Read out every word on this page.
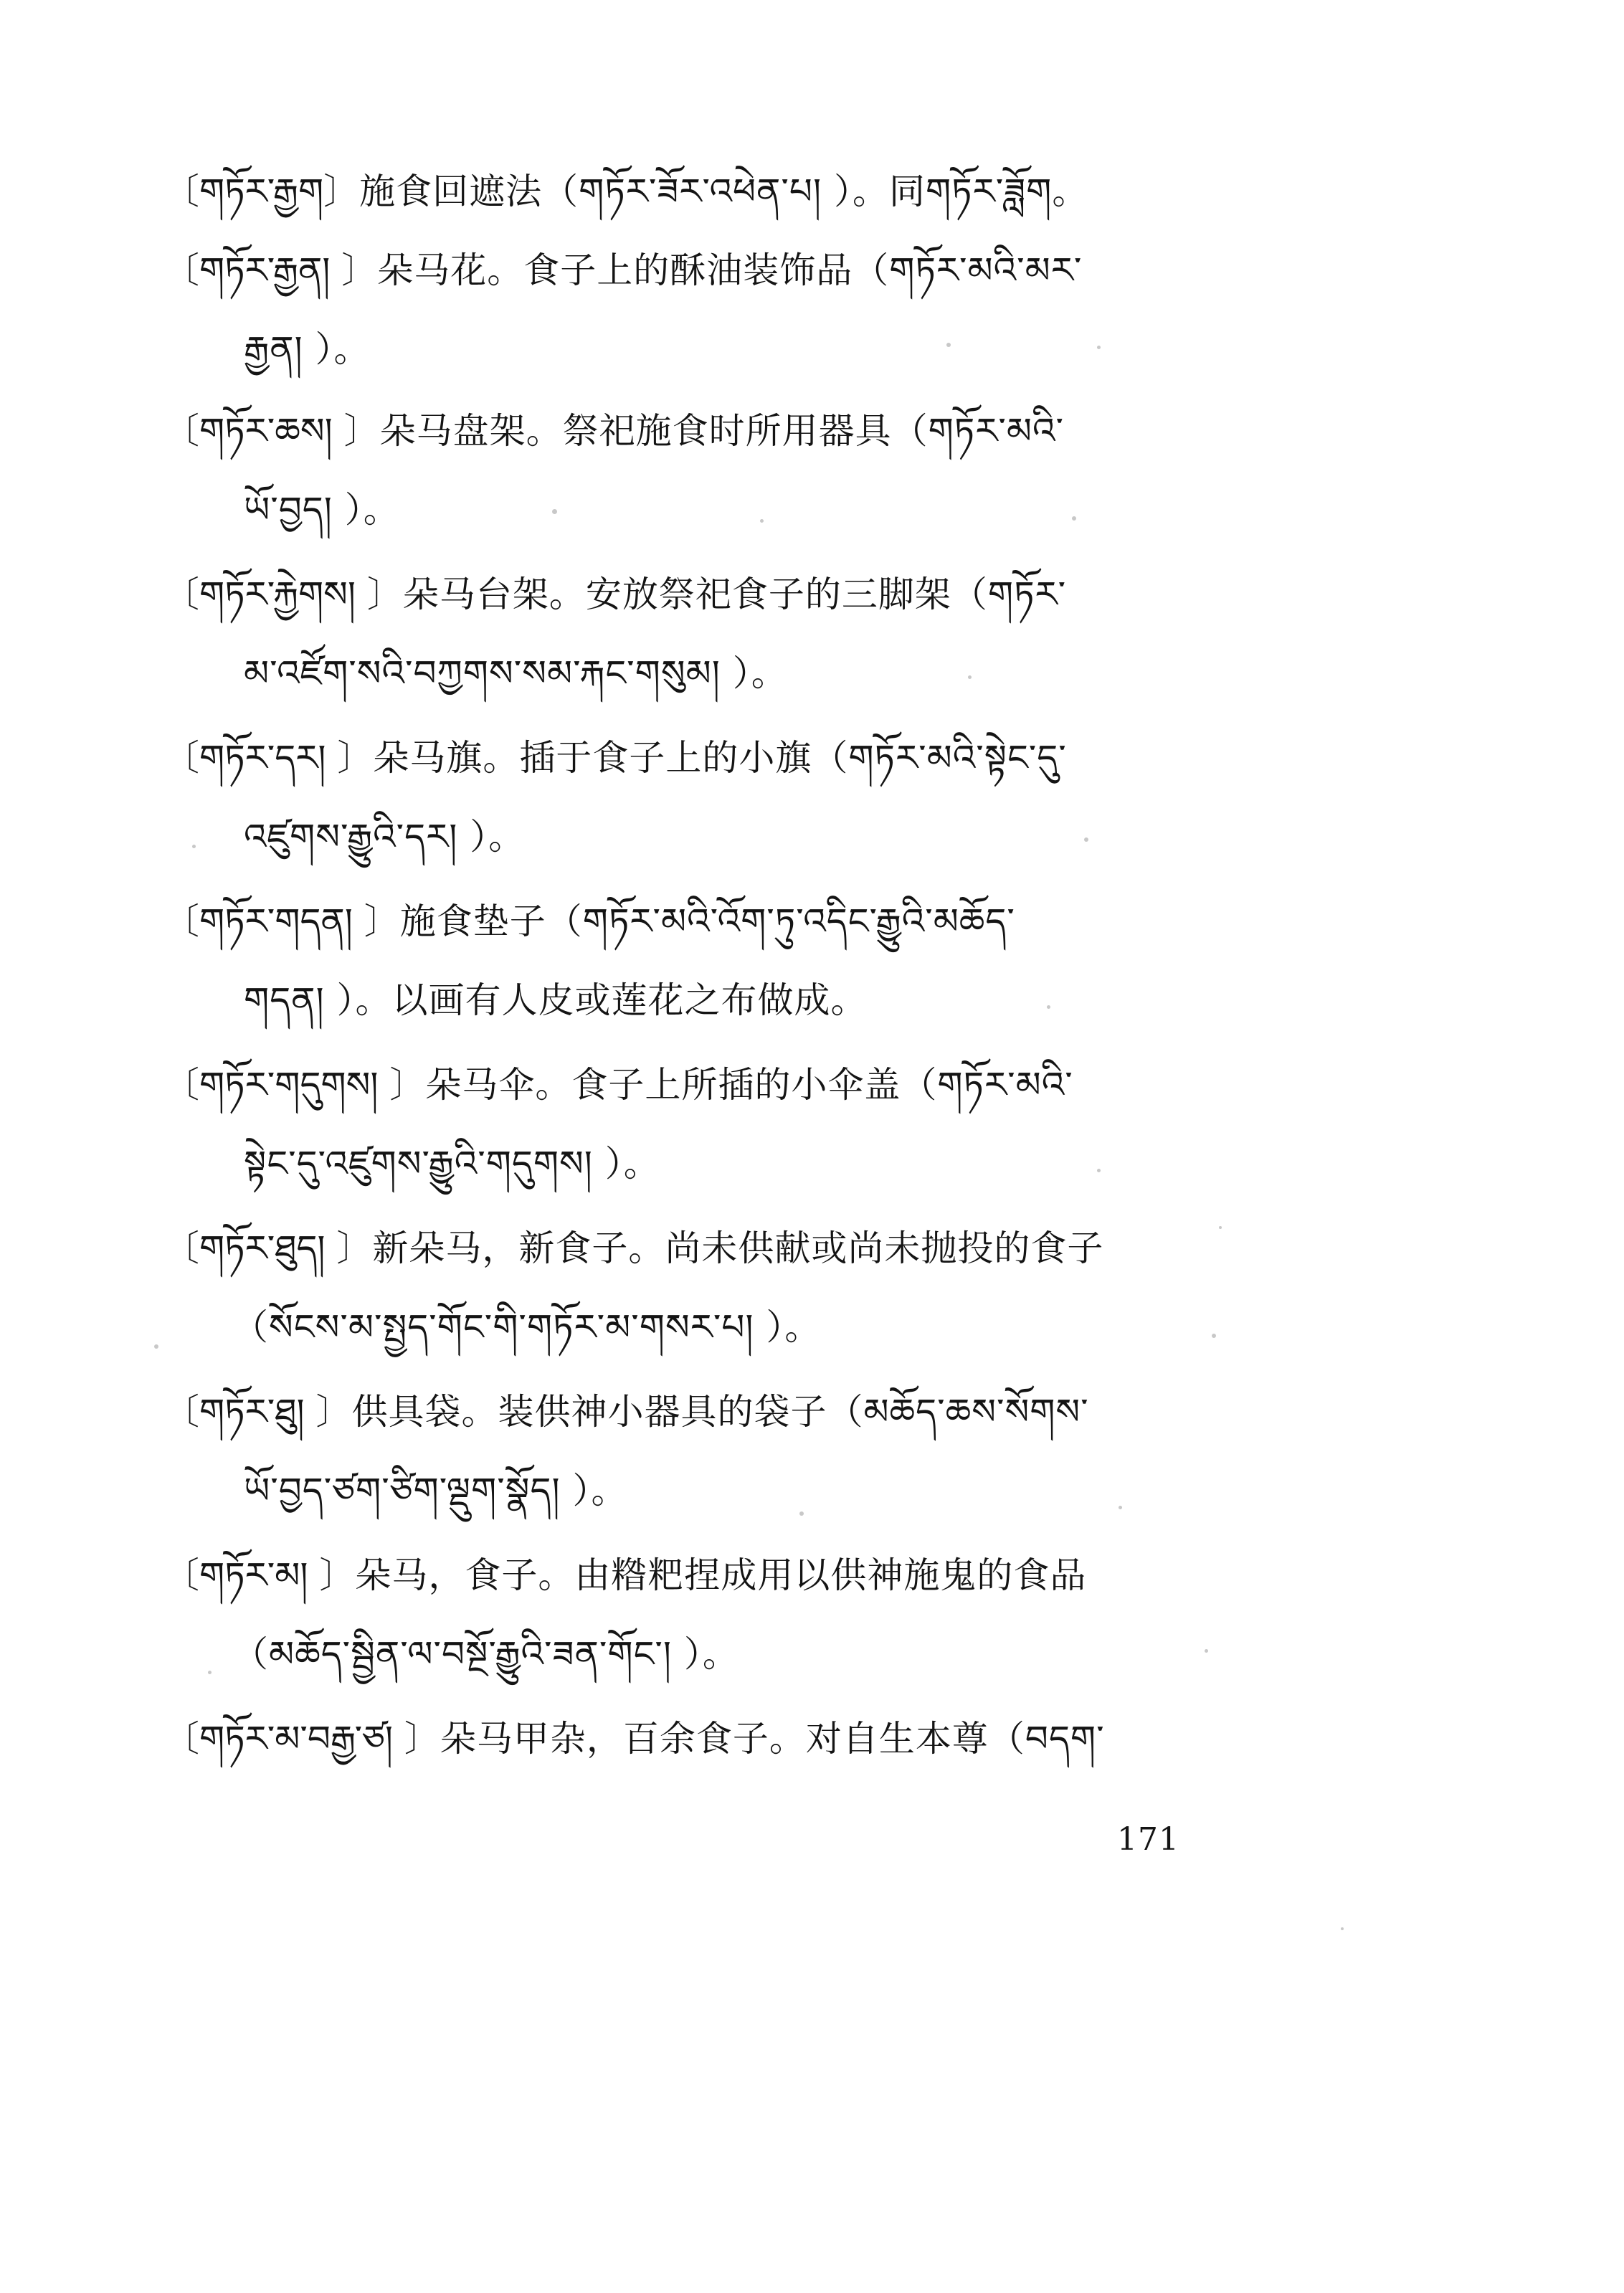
〔གཏོར་རྒྱག〕施食回遮法（གཏོར་ཟོར་འཕེན་པ། ）。同གཏོར་ཟློག。
〔གཏོར་རྒྱན། 〕朵马花。食子上的酥油装饰品（གཏོར་མའི་མར་
རྒྱན། ）。
〔གཏོར་ཆས། 〕朵马盘架。祭祀施食时所用器具（གཏོར་མའི་
ཡོ་བྱད། ）。
〔གཏོར་རྐྱེགས། 〕朵马台架。安放祭祀食子的三脚架（གཏོར་
མ་འཛོག་སའི་བཀྱགས་སམ་རྐང་གསུམ། ）。
〔གཏོར་དར། 〕朵马旗。插于食子上的小旗（གཏོར་མའི་སྟེང་དུ་
འཛུགས་རྒྱུའི་དར། ）。
〔གཏོར་གདན། 〕施食垫子（གཏོར་མའི་འོག་ཏུ་འདིང་རྒྱུའི་མཆོད་
གདན། ）。以画有人皮或莲花之布做成。
〔གཏོར་གདུགས། 〕朵马伞。食子上所插的小伞盖（གཏོར་མའི་
སྟེང་དུ་འཛུགས་རྒྱུའི་གདུགས། ）。
〔གཏོར་ཐུད། 〕新朵马，新食子。尚未供献或尚未抛投的食子
（སོངས་མ་སྤྱད་གོང་གི་གཏོར་མ་གསར་པ། ）。
〔གཏོར་ཐུ། 〕供具袋。装供神小器具的袋子（མཆོད་ཆས་སོགས་
ཡོ་བྱད་ཙག་ཙིག་ལྡུག་སྣོད། ）。
〔གཏོར་མ། 〕朵马，食子。由糌粑捏成用以供神施鬼的食品
（མཆོད་སྦྱིན་ལ་བསྔོ་རྒྱུའི་ཟན་གོང་། ）。
〔གཏོར་མ་བརྒྱ་ཙ། 〕朵马甲杂，百余食子。对自生本尊（བདག་
171
